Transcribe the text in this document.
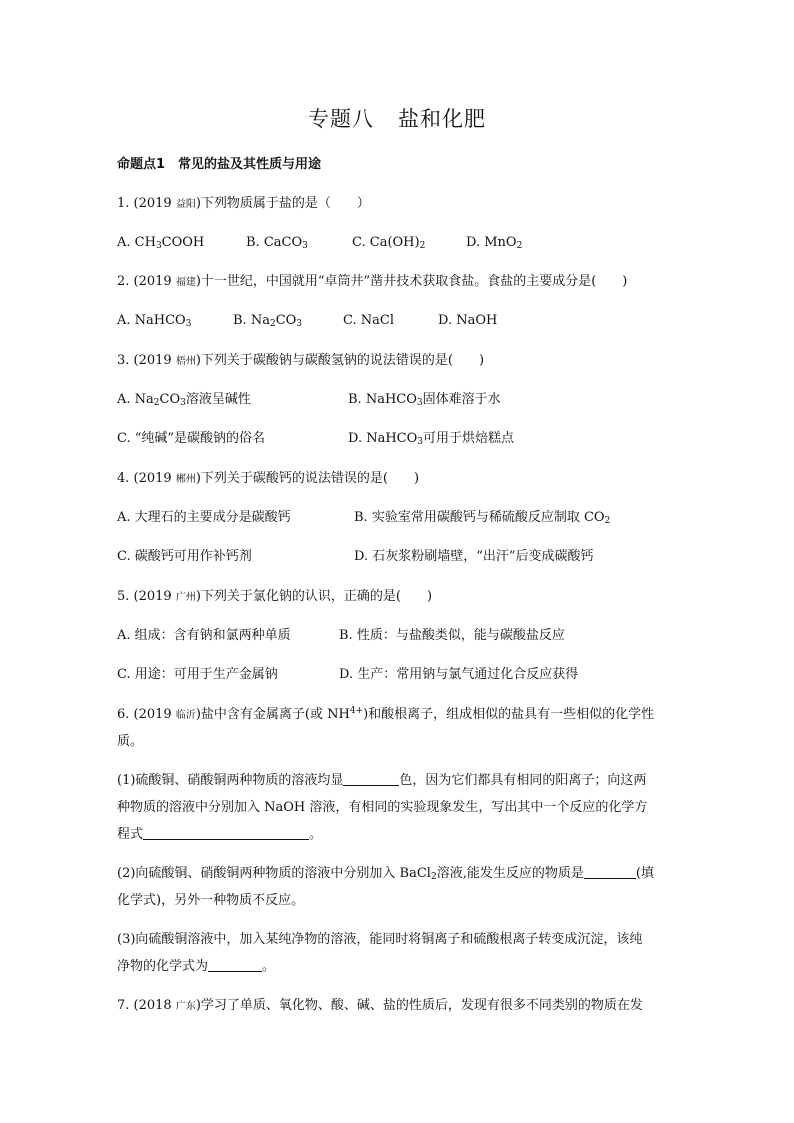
专题八 盐和化肥
命题点1　常见的盐及其性质与用途
1. (2019 益阳)下列物质属于盐的是（　　）
A. $CH_3COOH$	B. CaCO$_3$	C. $Ca(OH)_2$	D. MnO$_2$
2. (2019 福建)十一世纪，中国就用“卓筒井”凿井技术获取食盐。食盐的主要成分是(　　)
A. NaHCO$_3$	B. $Na_2CO_3$	C. NaCl	D. NaOH
3. (2019 梧州)下列关于碳酸钠与碳酸氢钠的说法错误的是(　　)
A. $Na_2CO_3$溶液呈碱性	B. NaHCO$_3$固体难溶于水
C. “纯碱”是碳酸钠的俗名	D. NaHCO$_3$可用于烘焙糕点
4. (2019 郴州)下列关于碳酸钙的说法错误的是(　　)
A. 大理石的主要成分是碳酸钙	B. 实验室常用碳酸钙与稀硫酸反应制取 $CO_2$
C. 碳酸钙可用作补钙剂	D. 石灰浆粉刷墙壁，“出汗”后变成碳酸钙
5. (2019 广州)下列关于氯化钠的认识，正确的是(　　)
A. 组成：含有钠和氯两种单质	B. 性质：与盐酸类似，能与碳酸盐反应
C. 用途：可用于生产金属钠	D. 生产：常用钠与氯气通过化合反应获得
6. (2019 临沂)盐中含有金属离子(或 $NH^{4+}$)和酸根离子，组成相似的盐具有一些相似的化学性
质。
(1)硫酸铜、硝酸铜两种物质的溶液均显	色，因为它们都具有相同的阳离子；向这两
种物质的溶液中分别加入 NaOH 溶液，有相同的实验现象发生，写出其中一个反应的化学方
程式	。
(2)向硫酸铜、硝酸铜两种物质的溶液中分别加入 BaCl$_2$溶液,能发生反应的物质是	(填
化学式)，另外一种物质不反应。
(3)向硫酸铜溶液中，加入某纯净物的溶液，能同时将铜离子和硫酸根离子转变成沉淀，该纯
净物的化学式为	。
7. (2018 广东)学习了单质、氧化物、酸、碱、盐的性质后，发现有很多不同类别的物质在发
